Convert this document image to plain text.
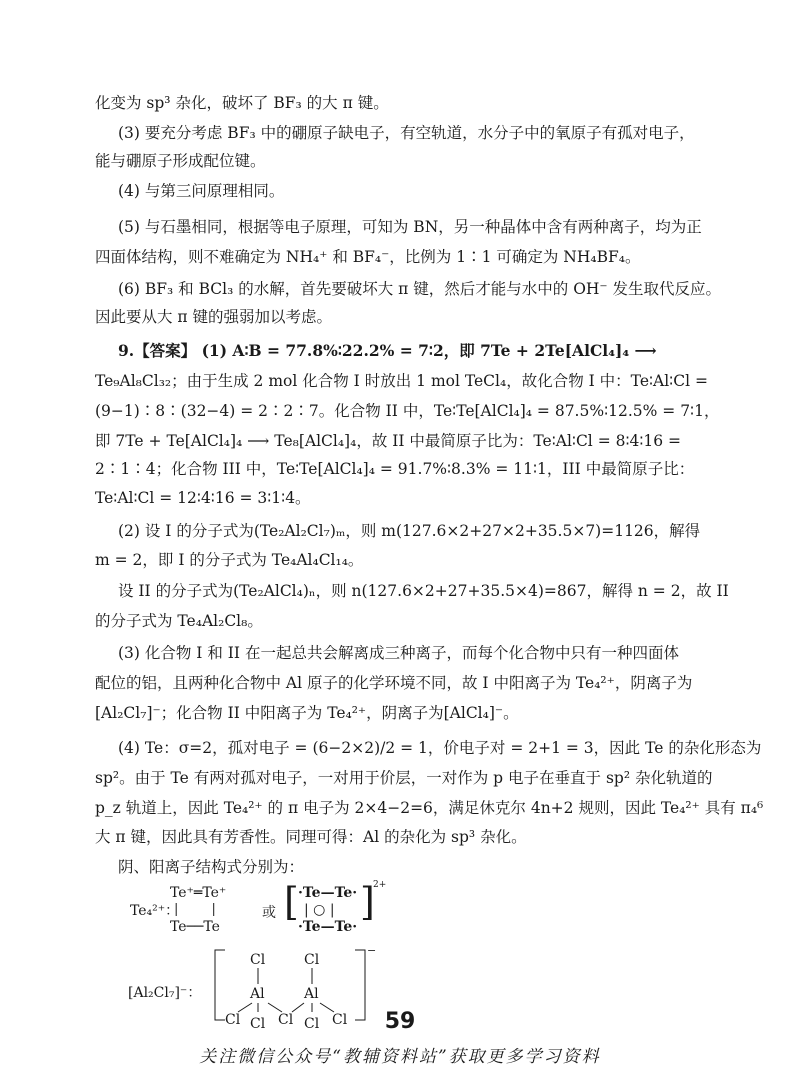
化变为 sp³ 杂化，破坏了 BF₃ 的大 π 键。
(3) 要充分考虑 BF₃ 中的硼原子缺电子，有空轨道，水分子中的氧原子有孤对电子，
能与硼原子形成配位键。
(4) 与第三问原理相同。
(5) 与石墨相同，根据等电子原理，可知为 BN，另一种晶体中含有两种离子，均为正
四面体结构，则不难确定为 NH₄⁺ 和 BF₄⁻，比例为 1∶1 可确定为 NH₄BF₄。
(6) BF₃ 和 BCl₃ 的水解，首先要破坏大 π 键，然后才能与水中的 OH⁻ 发生取代反应。
因此要从大 π 键的强弱加以考虑。
9.【答案】 (1) A∶B = 77.8%∶22.2% = 7∶2，即 7Te + 2Te[AlCl₄]₄ ⟶
Te₉Al₈Cl₃₂；由于生成 2 mol 化合物 I 时放出 1 mol TeCl₄，故化合物 I 中：Te∶Al∶Cl =
(9−1)∶8∶(32−4) = 2∶2∶7。化合物 II 中，Te∶Te[AlCl₄]₄ = 87.5%∶12.5% = 7∶1，
即 7Te + Te[AlCl₄]₄ ⟶ Te₈[AlCl₄]₄，故 II 中最简原子比为：Te∶Al∶Cl = 8∶4∶16 =
2∶1∶4；化合物 III 中，Te∶Te[AlCl₄]₄ = 91.7%∶8.3% = 11∶1，III 中最简原子比：
Te∶Al∶Cl = 12∶4∶16 = 3∶1∶4。
(2) 设 I 的分子式为(Te₂Al₂Cl₇)ₘ，则 m(127.6×2+27×2+35.5×7)=1126，解得
m = 2，即 I 的分子式为 Te₄Al₄Cl₁₄。
设 II 的分子式为(Te₂AlCl₄)ₙ，则 n(127.6×2+27+35.5×4)=867，解得 n = 2，故 II
的分子式为 Te₄Al₂Cl₈。
(3) 化合物 I 和 II 在一起总共会解离成三种离子，而每个化合物中只有一种四面体
配位的铝，且两种化合物中 Al 原子的化学环境不同，故 I 中阳离子为 Te₄²⁺，阴离子为
[Al₂Cl₇]⁻；化合物 II 中阳离子为 Te₄²⁺，阴离子为[AlCl₄]⁻。
(4) Te：σ=2，孤对电子 = (6−2×2)/2 = 1，价电子对 = 2+1 = 3，因此 Te 的杂化形态为
sp²。由于 Te 有两对孤对电子，一对用于价层，一对作为 p 电子在垂直于 sp² 杂化轨道的
p_z 轨道上，因此 Te₄²⁺ 的 π 电子为 2×4−2=6，满足休克尔 4n+2 规则，因此 Te₄²⁺ 具有 π₄⁶
大 π 键，因此具有芳香性。同理可得：Al 的杂化为 sp³ 杂化。
阴、阳离子结构式分别为：
Te₄²⁺：
Te⁺═Te⁺
|        |
Te──Te
或 [ ·Te—Te·
| ○ |
·Te—Te·
]
2+
[Al₂Cl₇]⁻：
Cl	Cl
Al	Al
Cl Cl Cl Cl Cl
−
59
关注微信公众号“教辅资料站”获取更多学习资料
